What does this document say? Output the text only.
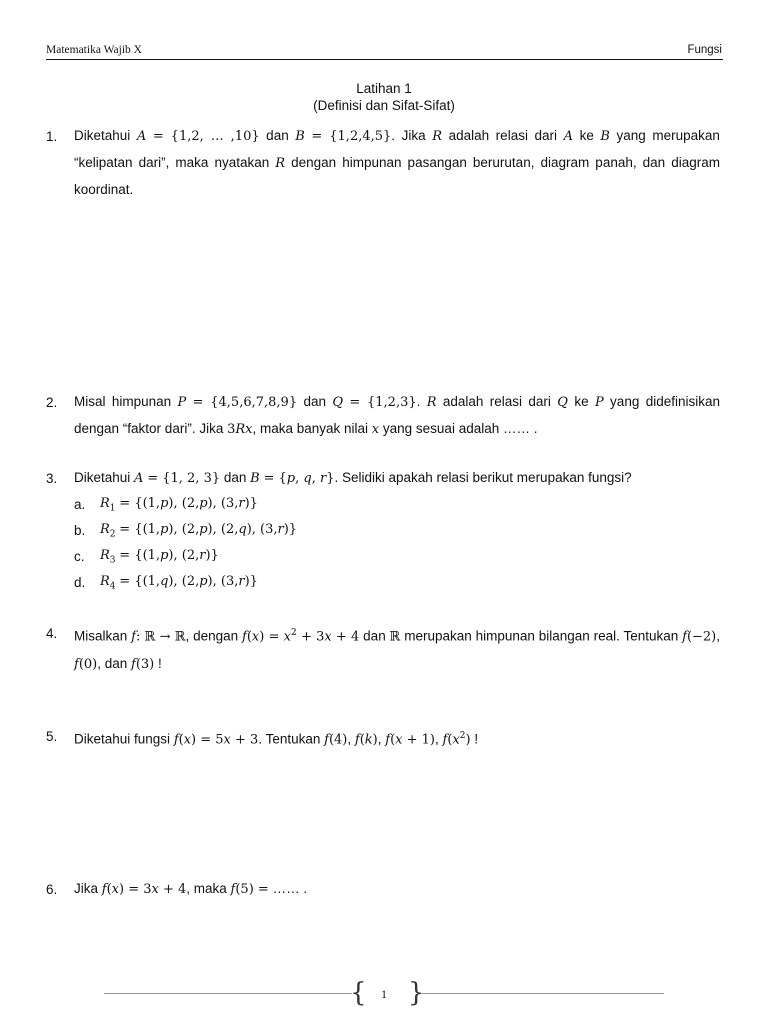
Matematika Wajib X	Fungsi
Latihan 1
(Definisi dan Sifat-Sifat)
1. Diketahui A = {1,2, … ,10} dan B = {1,2,4,5}. Jika R adalah relasi dari A ke B yang merupakan “kelipatan dari”, maka nyatakan R dengan himpunan pasangan berurutan, diagram panah, dan diagram koordinat.
2. Misal himpunan P = {4,5,6,7,8,9} dan Q = {1,2,3}. R adalah relasi dari Q ke P yang didefinisikan dengan “faktor dari”. Jika 3Rx, maka banyak nilai x yang sesuai adalah …… .
3. Diketahui A = {1, 2, 3} dan B = {p, q, r}. Selidiki apakah relasi berikut merupakan fungsi?
a. $R_1 = \{(1,p)$, (2,p), (3,r)}
b. $R_2 = \{(1,p)$, (2,p), (2,q), (3,r)}
c. $R_3 = \{(1,p)$, (2,r)}
d. $R_4 = \{(1,q)$, (2,p), (3,r)}
4. Misalkan f: ℝ → ℝ, dengan $f(x) = x^2 + 3x + 4$ dan ℝ merupakan himpunan bilangan real. Tentukan f(−2), f(0), dan f(3) !
5. Diketahui fungsi f(x) = 5x + 3. Tentukan f(4), f(k), f(x + 1), $f(x^2)$ !
6. Jika f(x) = 3x + 4, maka f(5) = …… .
{	1 }
